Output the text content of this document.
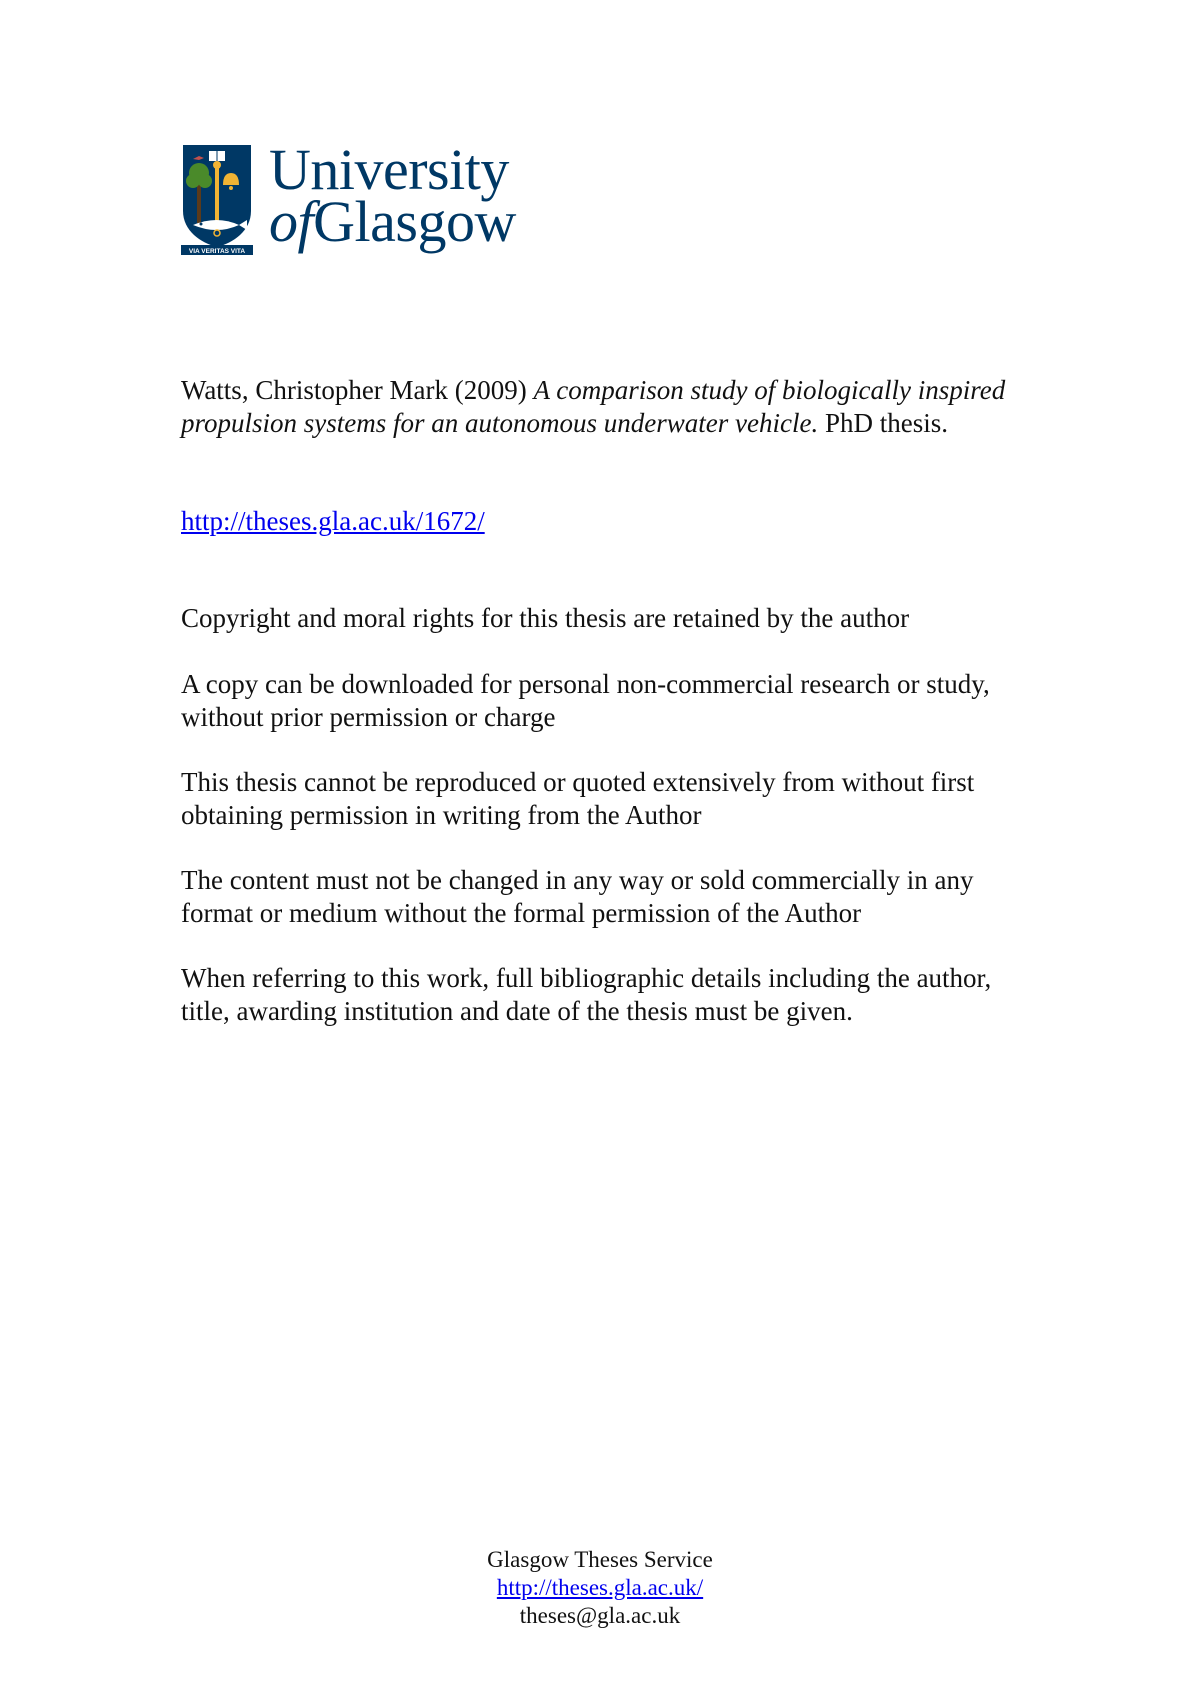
VIA VERITAS VITA
University
ofGlasgow
Watts, Christopher Mark (2009) A comparison study of biologically inspired propulsion systems for an autonomous underwater vehicle. PhD thesis.
http://theses.gla.ac.uk/1672/
Copyright and moral rights for this thesis are retained by the author
A copy can be downloaded for personal non-commercial research or study, without prior permission or charge
This thesis cannot be reproduced or quoted extensively from without first obtaining permission in writing from the Author
The content must not be changed in any way or sold commercially in any format or medium without the formal permission of the Author
When referring to this work, full bibliographic details including the author, title, awarding institution and date of the thesis must be given.
Glasgow Theses Service
http://theses.gla.ac.uk/
theses@gla.ac.uk
